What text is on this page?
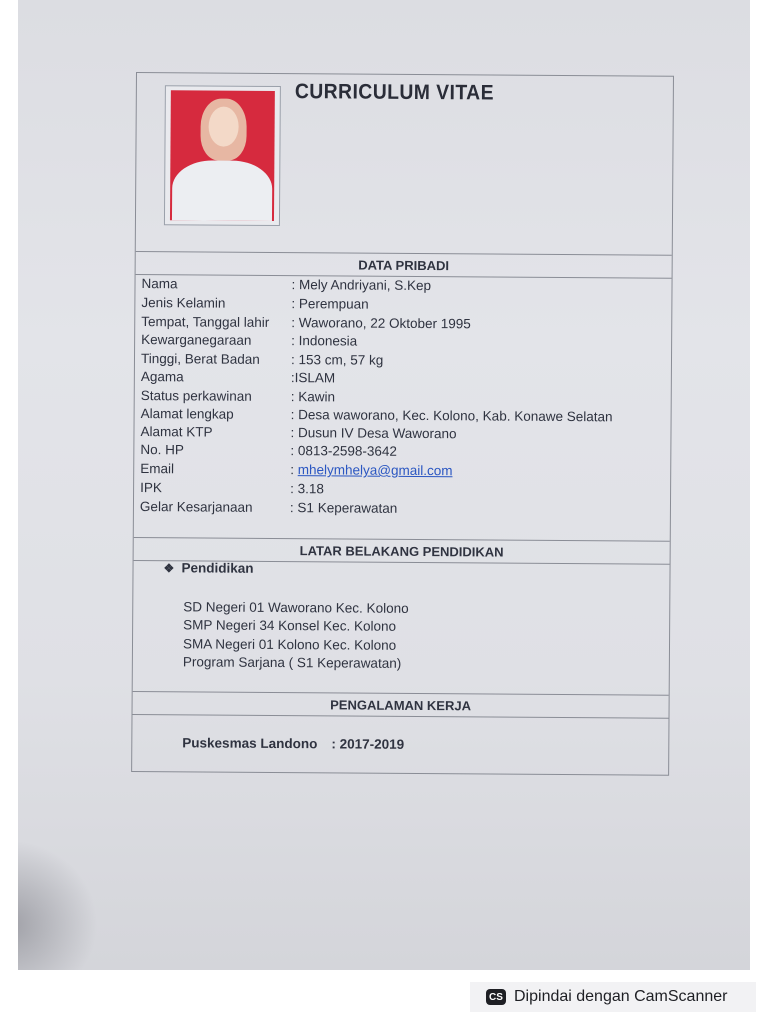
CURRICULUM VITAE
DATA PRIBADI
Nama	: Mely Andriyani, S.Kep
Jenis Kelamin	: Perempuan
Tempat, Tanggal lahir : Waworano, 22 Oktober 1995
Kewarganegaraan	: Indonesia
Tinggi, Berat Badan : 153 cm, 57 kg
Agama	:ISLAM
Status perkawinan	: Kawin
Alamat lengkap	: Desa waworano, Kec. Kolono, Kab. Konawe Selatan
Alamat KTP	: Dusun IV Desa Waworano
No. HP	: 0813-2598-3642
Email	: mhelymhelya@gmail.com
IPK	: 3.18
Gelar Kesarjanaan	: S1 Keperawatan
LATAR BELAKANG PENDIDIKAN
❖ Pendidikan
SD Negeri 01 Waworano Kec. Kolono
SMP Negeri 34 Konsel Kec. Kolono
SMA Negeri 01 Kolono Kec. Kolono
Program Sarjana ( S1 Keperawatan)
PENGALAMAN KERJA
Puskesmas Landono : 2017-2019
CS Dipindai dengan CamScanner
